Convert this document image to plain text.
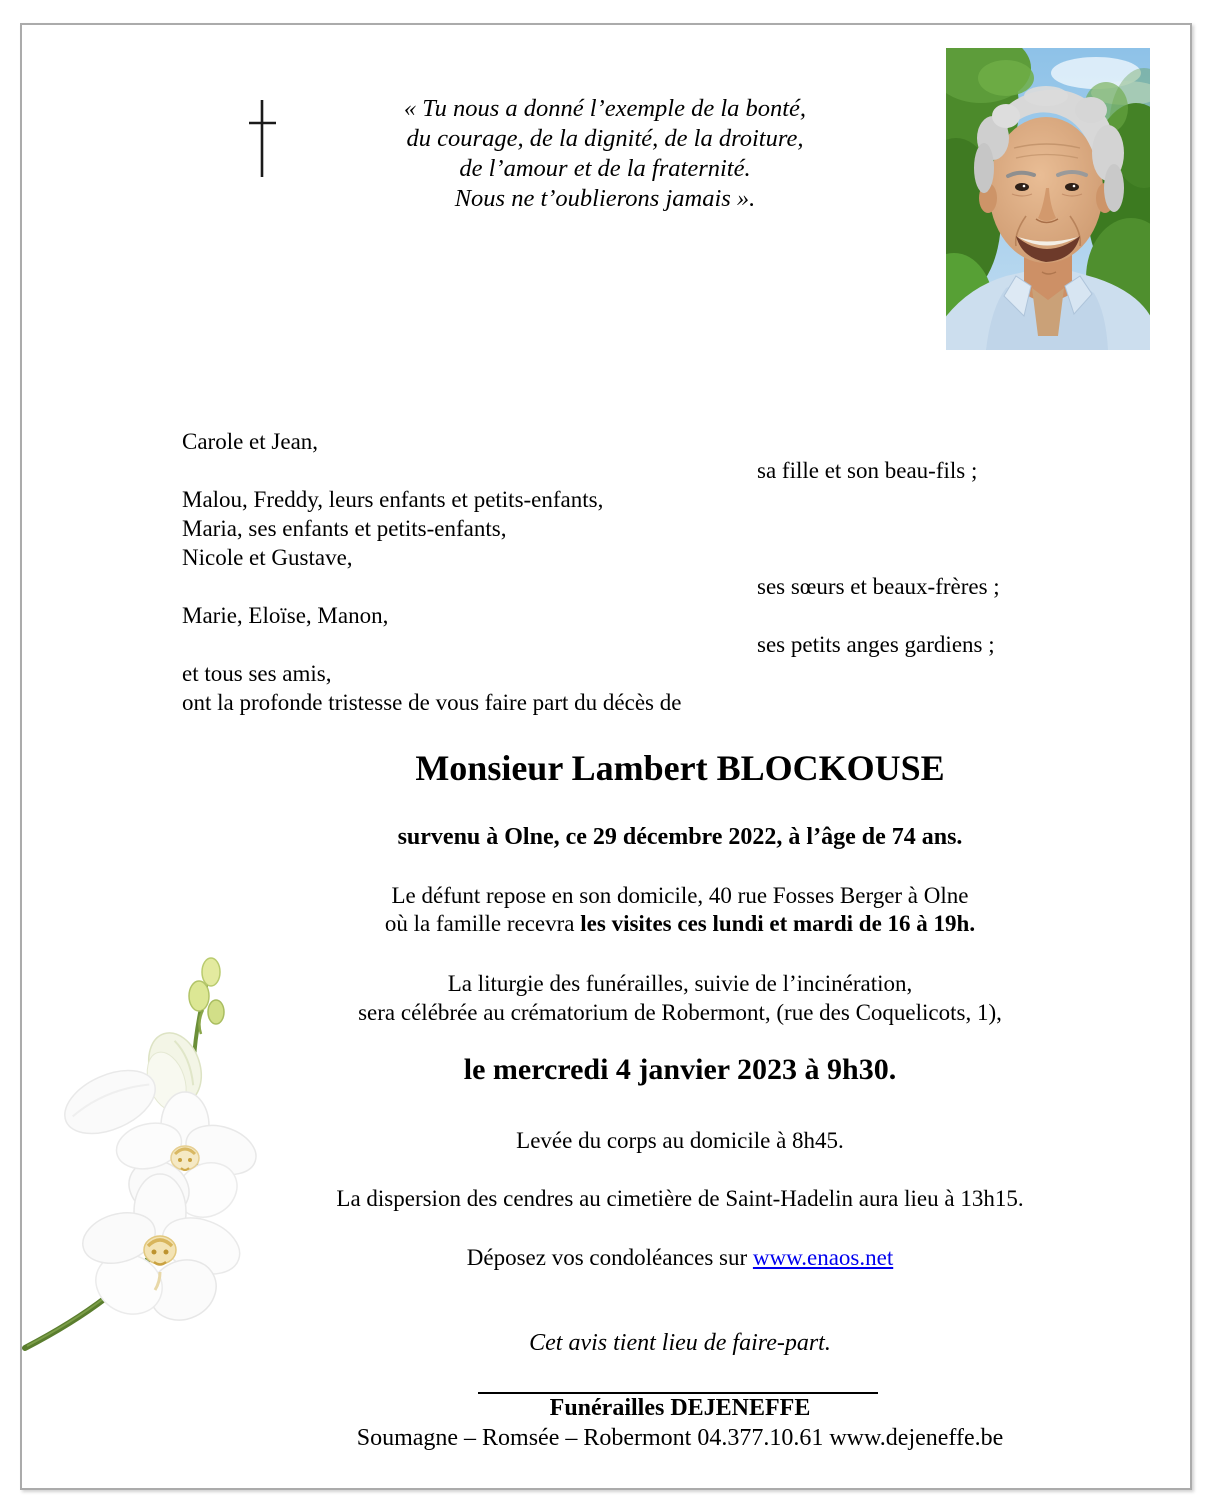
« Tu nous a donné l’exemple de la bonté,
du courage, de la dignité, de la droiture,
de l’amour et de la fraternité.
Nous ne t’oublierons jamais ».
Carole et Jean,
sa fille et son beau-fils ;
Malou, Freddy, leurs enfants et petits-enfants,
Maria, ses enfants et petits-enfants,
Nicole et Gustave,
ses sœurs et beaux-frères ;
Marie, Eloïse, Manon,
ses petits anges gardiens ;
et tous ses amis,
ont la profonde tristesse de vous faire part du décès de
Monsieur Lambert BLOCKOUSE
survenu à Olne, ce 29 décembre 2022, à l’âge de 74 ans.
Le défunt repose en son domicile, 40 rue Fosses Berger à Olne
où la famille recevra les visites ces lundi et mardi de 16 à 19h.
La liturgie des funérailles, suivie de l’incinération,
sera célébrée au crématorium de Robermont, (rue des Coquelicots, 1),
le mercredi 4 janvier 2023 à 9h30.
Levée du corps au domicile à 8h45.
La dispersion des cendres au cimetière de Saint-Hadelin aura lieu à 13h15.
Déposez vos condoléances sur www.enaos.net
Cet avis tient lieu de faire-part.
Funérailles DEJENEFFE
Soumagne – Romsée – Robermont 04.377.10.61 www.dejeneffe.be
